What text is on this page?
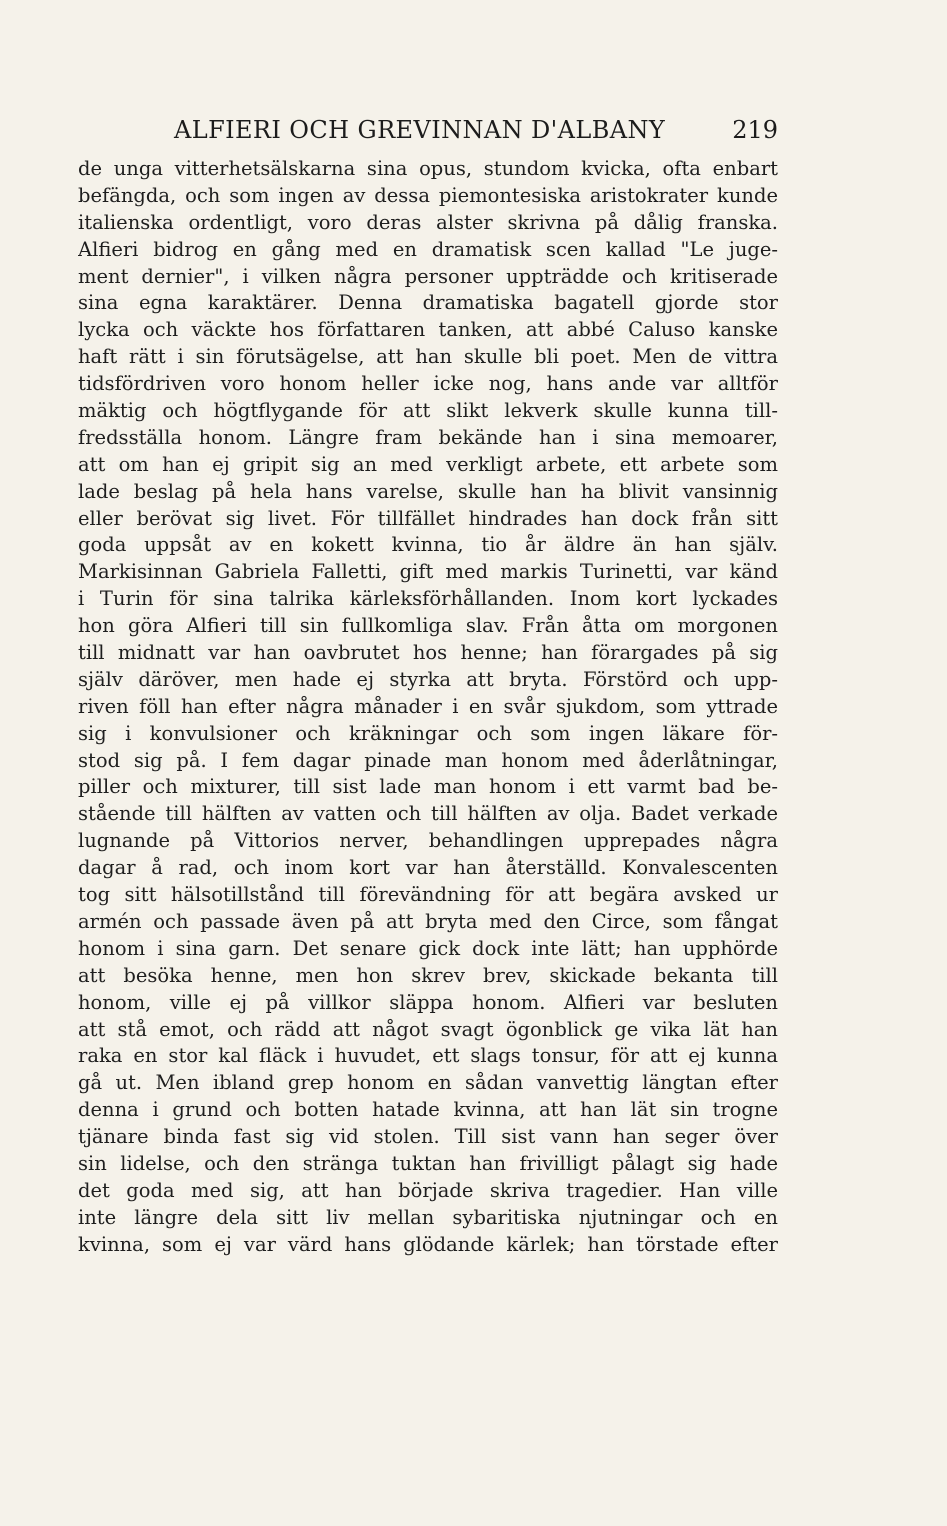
ALFIERI OCH GREVINNAN D'ALBANY	219
de unga vitterhetsälskarna sina opus, stundom kvicka, ofta enbart
befängda, och som ingen av dessa piemontesiska aristokrater kunde
italienska ordentligt, voro deras alster skrivna på dålig franska.
Alfieri bidrog en gång med en dramatisk scen kallad "Le juge-
ment dernier", i vilken några personer uppträdde och kritiserade
sina egna karaktärer. Denna dramatiska bagatell gjorde stor
lycka och väckte hos författaren tanken, att abbé Caluso kanske
haft rätt i sin förutsägelse, att han skulle bli poet. Men de vittra
tidsfördriven voro honom heller icke nog, hans ande var alltför
mäktig och högtflygande för att slikt lekverk skulle kunna till-
fredsställa honom. Längre fram bekände han i sina memoarer,
att om han ej gripit sig an med verkligt arbete, ett arbete som
lade beslag på hela hans varelse, skulle han ha blivit vansinnig
eller berövat sig livet. För tillfället hindrades han dock från sitt
goda uppsåt av en kokett kvinna, tio år äldre än han själv.
Markisinnan Gabriela Falletti, gift med markis Turinetti, var känd
i Turin för sina talrika kärleksförhållanden. Inom kort lyckades
hon göra Alfieri till sin fullkomliga slav. Från åtta om morgonen
till midnatt var han oavbrutet hos henne; han förargades på sig
själv däröver, men hade ej styrka att bryta. Förstörd och upp-
riven föll han efter några månader i en svår sjukdom, som yttrade
sig i konvulsioner och kräkningar och som ingen läkare för-
stod sig på. I fem dagar pinade man honom med åderlåtningar,
piller och mixturer, till sist lade man honom i ett varmt bad be-
stående till hälften av vatten och till hälften av olja. Badet verkade
lugnande på Vittorios nerver, behandlingen upprepades några
dagar å rad, och inom kort var han återställd. Konvalescenten
tog sitt hälsotillstånd till förevändning för att begära avsked ur
armén och passade även på att bryta med den Circe, som fångat
honom i sina garn. Det senare gick dock inte lätt; han upphörde
att besöka henne, men hon skrev brev, skickade bekanta till
honom, ville ej på villkor släppa honom. Alfieri var besluten
att stå emot, och rädd att något svagt ögonblick ge vika lät han
raka en stor kal fläck i huvudet, ett slags tonsur, för att ej kunna
gå ut. Men ibland grep honom en sådan vanvettig längtan efter
denna i grund och botten hatade kvinna, att han lät sin trogne
tjänare binda fast sig vid stolen. Till sist vann han seger över
sin lidelse, och den stränga tuktan han frivilligt pålagt sig hade
det goda med sig, att han började skriva tragedier. Han ville
inte längre dela sitt liv mellan sybaritiska njutningar och en
kvinna, som ej var värd hans glödande kärlek; han törstade efter
